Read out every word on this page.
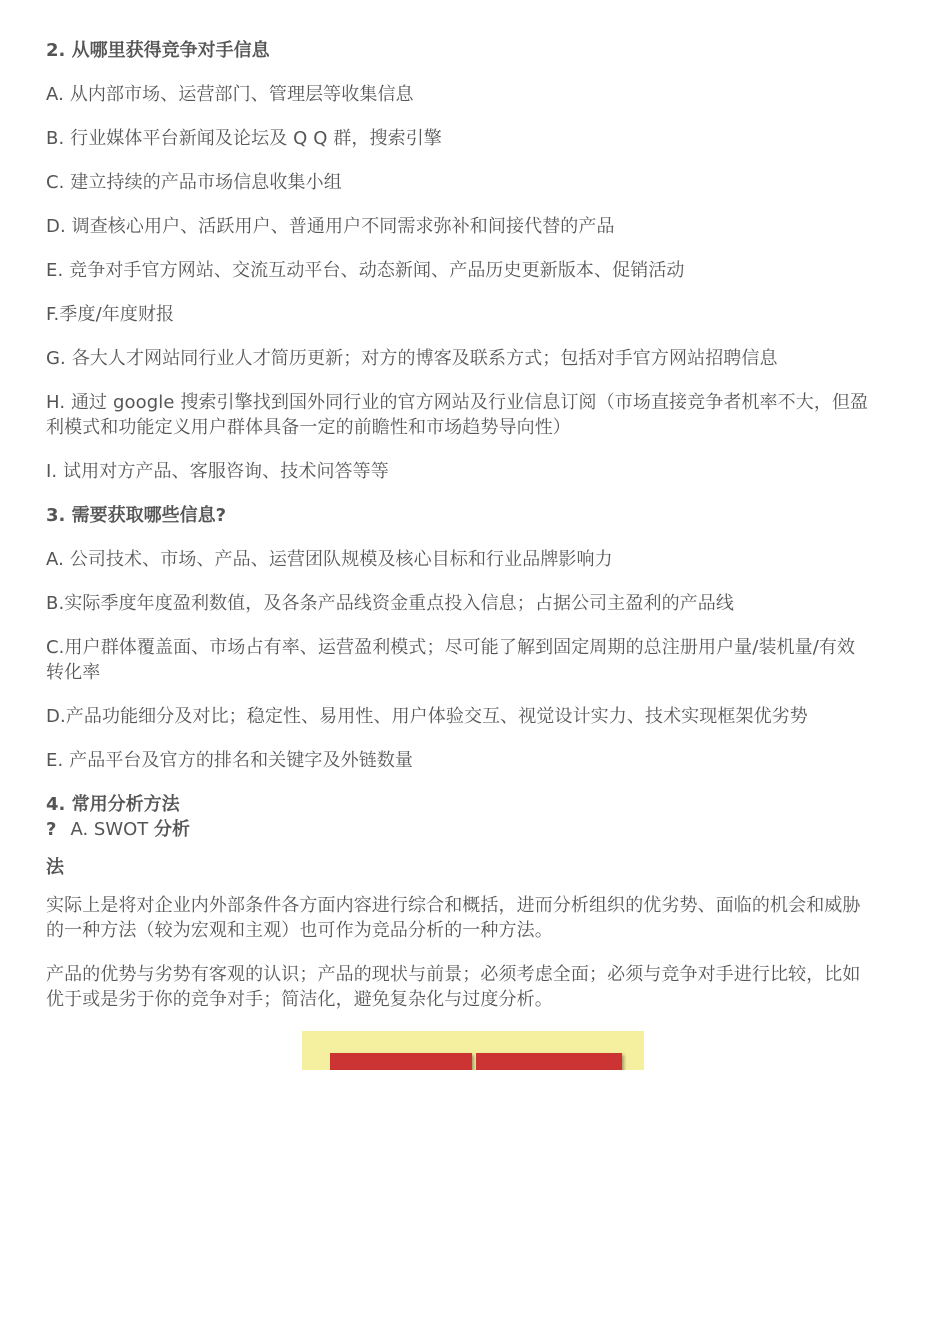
2. 从哪里获得竞争对手信息

A. 从内部市场、运营部门、管理层等收集信息

B. 行业媒体平台新闻及论坛及 Q Q 群，搜索引擎

C. 建立持续的产品市场信息收集小组

D. 调查核心用户、活跃用户、普通用户不同需求弥补和间接代替的产品

E. 竞争对手官方网站、交流互动平台、动态新闻、产品历史更新版本、促销活动

F.季度/年度财报

G. 各大人才网站同行业人才简历更新；对方的博客及联系方式；包括对手官方网站招聘信息

H. 通过 google 搜索引擎找到国外同行业的官方网站及行业信息订阅（市场直接竞争者机率不大，但盈利模式和功能定义用户群体具备一定的前瞻性和市场趋势导向性）

I. 试用对方产品、客服咨询、技术问答等等

3. 需要获取哪些信息?

A. 公司技术、市场、产品、运营团队规模及核心目标和行业品牌影响力

B.实际季度年度盈利数值，及各条产品线资金重点投入信息；占据公司主盈利的产品线

C.用户群体覆盖面、市场占有率、运营盈利模式；尽可能了解到固定周期的总注册用户量/装机量/有效转化率

D.产品功能细分及对比；稳定性、易用性、用户体验交互、视觉设计实力、技术实现框架优劣势

E. 产品平台及官方的排名和关键字及外链数量

4. 常用分析方法

? A. SWOT 分析

法

实际上是将对企业内外部条件各方面内容进行综合和概括，进而分析组织的优劣势、面临的机会和威胁的一种方法（较为宏观和主观）也可作为竞品分析的一种方法。

产品的优势与劣势有客观的认识；产品的现状与前景；必须考虑全面；必须与竞争对手进行比较，比如优于或是劣于你的竞争对手；简洁化，避免复杂化与过度分析。
